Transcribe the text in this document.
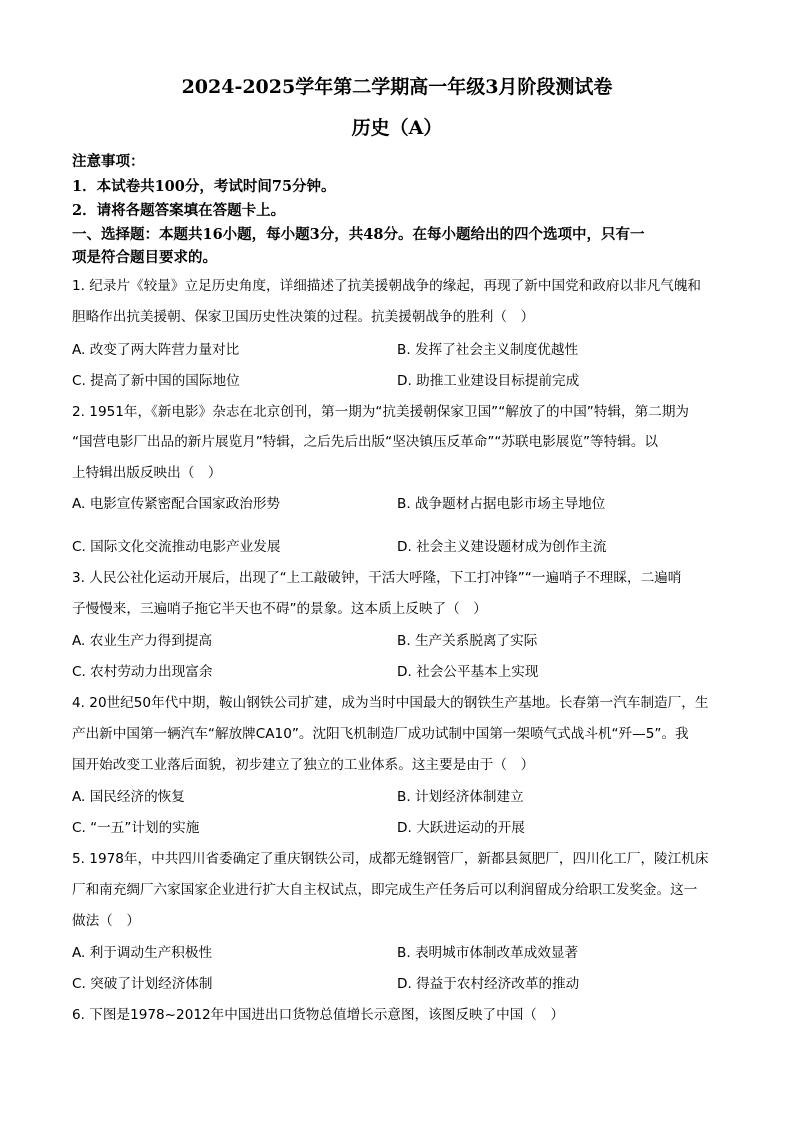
2024-2025学年第二学期高一年级3月阶段测试卷
历史（A）
注意事项：
1．本试卷共100分，考试时间75分钟。
2．请将各题答案填在答题卡上。
一、选择题：本题共16小题，每小题3分，共48分。在每小题给出的四个选项中，只有一
项是符合题目要求的。
1. 纪录片《较量》立足历史角度，详细描述了抗美援朝战争的缘起，再现了新中国党和政府以非凡气魄和
胆略作出抗美援朝、保家卫国历史性决策的过程。抗美援朝战争的胜利（　）
A. 改变了两大阵营力量对比	B. 发挥了社会主义制度优越性
C. 提高了新中国的国际地位	D. 助推工业建设目标提前完成
2. 1951年，《新电影》杂志在北京创刊，第一期为“抗美援朝保家卫国”“解放了的中国”特辑，第二期为
“国营电影厂出品的新片展览月”特辑，之后先后出版“坚决镇压反革命”“苏联电影展览”等特辑。以
上特辑出版反映出（　）
A. 电影宣传紧密配合国家政治形势	B. 战争题材占据电影市场主导地位
C. 国际文化交流推动电影产业发展	D. 社会主义建设题材成为创作主流
3. 人民公社化运动开展后，出现了“上工敲破钟，干活大呼隆，下工打冲锋”“一遍哨子不理睬，二遍哨
子慢慢来，三遍哨子拖它半天也不碍”的景象。这本质上反映了（　）
A. 农业生产力得到提高	B. 生产关系脱离了实际
C. 农村劳动力出现富余	D. 社会公平基本上实现
4. 20世纪50年代中期，鞍山钢铁公司扩建，成为当时中国最大的钢铁生产基地。长春第一汽车制造厂，生
产出新中国第一辆汽车“解放牌CA10”。沈阳飞机制造厂成功试制中国第一架喷气式战斗机“歼—5”。我
国开始改变工业落后面貌，初步建立了独立的工业体系。这主要是由于（　）
A. 国民经济的恢复	B. 计划经济体制建立
C. “一五”计划的实施	D. 大跃进运动的开展
5. 1978年，中共四川省委确定了重庆钢铁公司，成都无缝钢管厂，新都县氮肥厂，四川化工厂，陵江机床
厂和南充绸厂六家国家企业进行扩大自主权试点，即完成生产任务后可以利润留成分给职工发奖金。这一
做法（　）
A. 利于调动生产积极性	B. 表明城市体制改革成效显著
C. 突破了计划经济体制	D. 得益于农村经济改革的推动
6. 下图是1978~2012年中国进出口货物总值增长示意图，该图反映了中国（　）
